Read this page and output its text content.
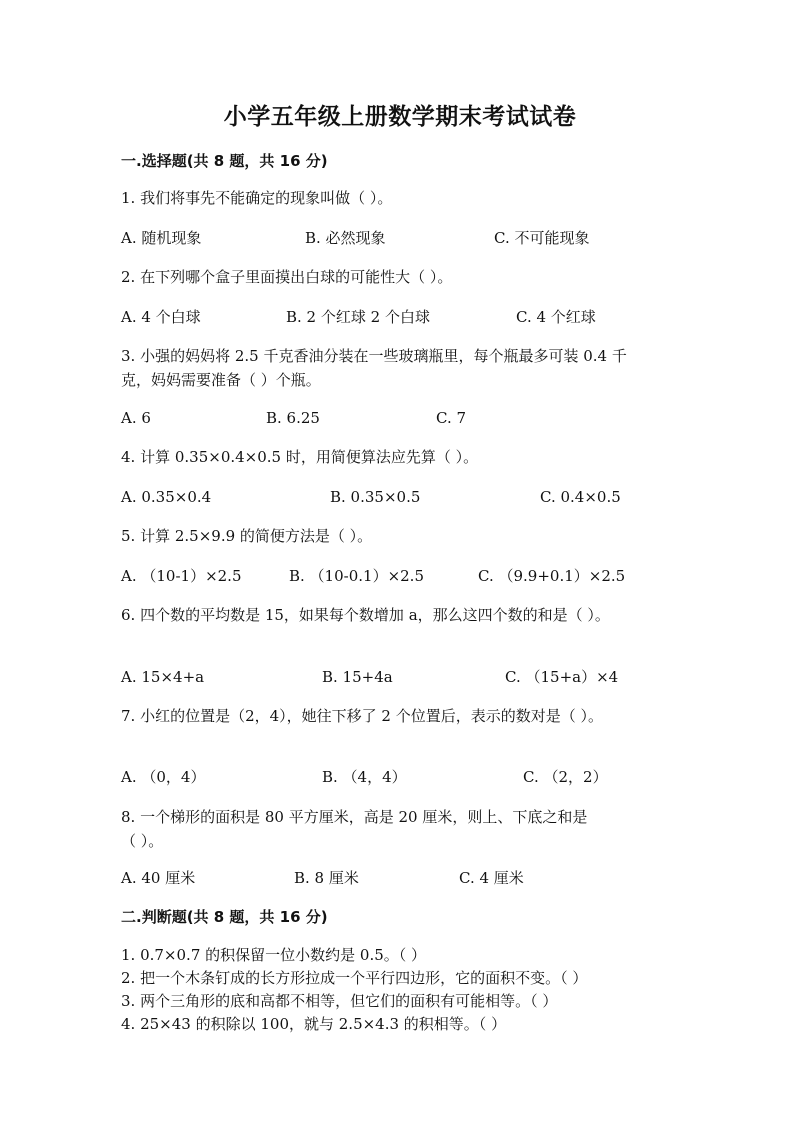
小学五年级上册数学期末考试试卷
一.选择题(共 8 题，共 16 分)
1. 我们将事先不能确定的现象叫做（ ）。
A. 随机现象	B. 必然现象	C. 不可能现象
2. 在下列哪个盒子里面摸出白球的可能性大（ ）。
A. 4 个白球	B. 2 个红球 2 个白球	C. 4 个红球
3. 小强的妈妈将 2.5 千克香油分装在一些玻璃瓶里，每个瓶最多可装 0.4 千
克，妈妈需要准备（ ）个瓶。
A. 6	B. 6.25	C. 7
4. 计算 0.35×0.4×0.5 时，用简便算法应先算（ ）。
A. 0.35×0.4	B. 0.35×0.5	C. 0.4×0.5
5. 计算 2.5×9.9 的简便方法是（ ）。
A. （10-1）×2.5	B. （10-0.1）×2.5	C. （9.9+0.1）×2.5
6. 四个数的平均数是 15，如果每个数增加 a，那么这四个数的和是（ ）。
A. 15×4+a	B. 15+4a	C. （15+a）×4
7. 小红的位置是（2，4），她往下移了 2 个位置后，表示的数对是（ ）。
A. （0，4）	B. （4，4）	C. （2，2）
8. 一个梯形的面积是 80 平方厘米，高是 20 厘米，则上、下底之和是
（ ）。
A. 40 厘米	B. 8 厘米	C. 4 厘米
二.判断题(共 8 题，共 16 分)
1. 0.7×0.7 的积保留一位小数约是 0.5。（ ）
2. 把一个木条钉成的长方形拉成一个平行四边形，它的面积不变。（ ）
3. 两个三角形的底和高都不相等，但它们的面积有可能相等。（ ）
4. 25×43 的积除以 100，就与 2.5×4.3 的积相等。（ ）
